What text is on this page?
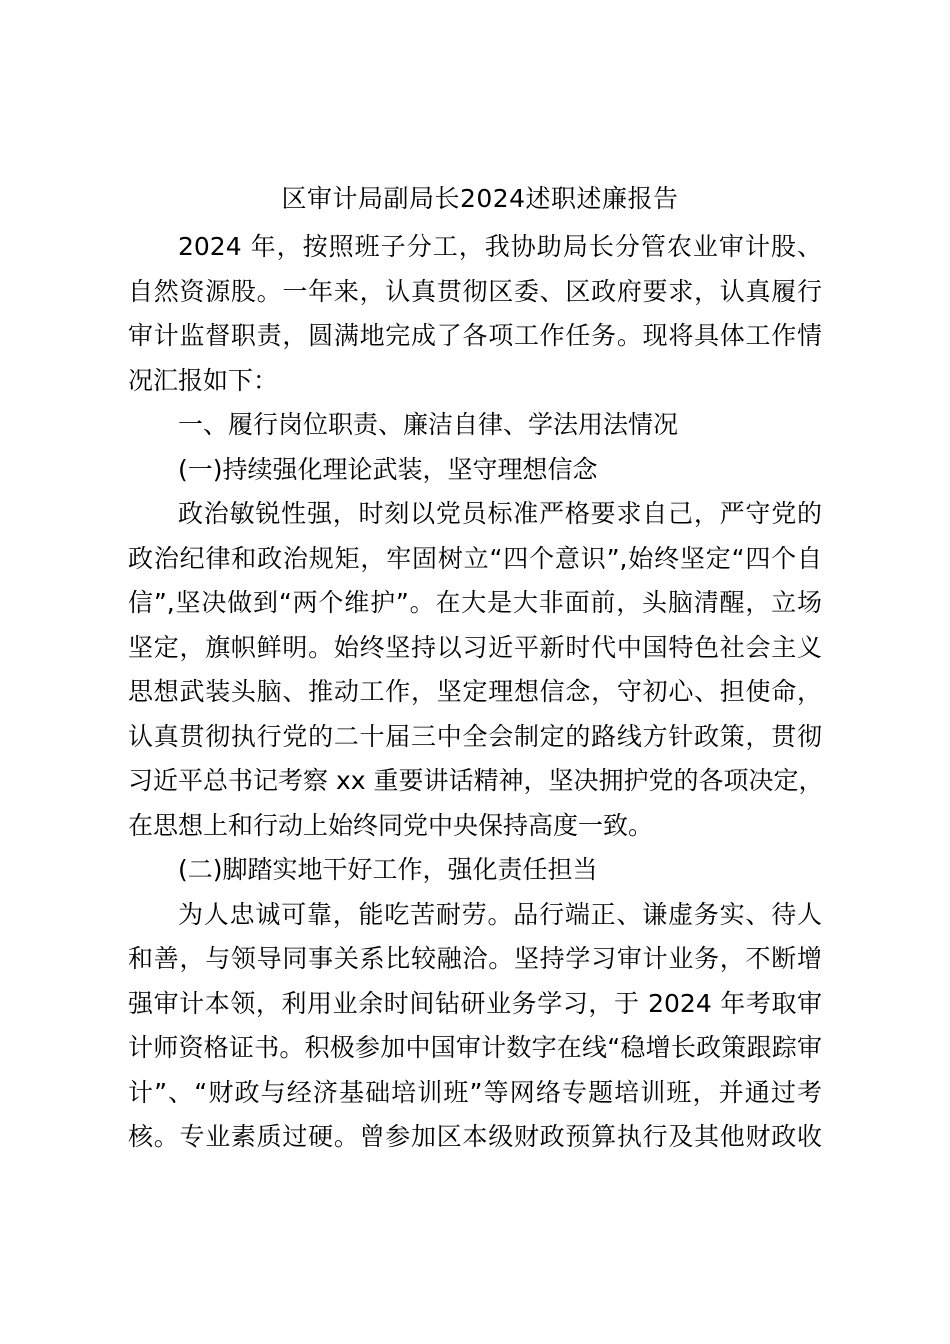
区审计局副局长2024述职述廉报告
2024 年，按照班子分工，我协助局长分管农业审计股、
自然资源股。一年来，认真贯彻区委、区政府要求，认真履行
审计监督职责，圆满地完成了各项工作任务。现将具体工作情
况汇报如下：
一、履行岗位职责、廉洁自律、学法用法情况
(一)持续强化理论武装，坚守理想信念
政治敏锐性强，时刻以党员标准严格要求自己，严守党的
政治纪律和政治规矩，牢固树立“四个意识”,始终坚定“四个自
信”,坚决做到“两个维护”。在大是大非面前，头脑清醒，立场
坚定，旗帜鲜明。始终坚持以习近平新时代中国特色社会主义
思想武装头脑、推动工作，坚定理想信念，守初心、担使命，
认真贯彻执行党的二十届三中全会制定的路线方针政策，贯彻
习近平总书记考察 xx 重要讲话精神，坚决拥护党的各项决定，
在思想上和行动上始终同党中央保持高度一致。
(二)脚踏实地干好工作，强化责任担当
为人忠诚可靠，能吃苦耐劳。品行端正、谦虚务实、待人
和善，与领导同事关系比较融洽。坚持学习审计业务，不断增
强审计本领，利用业余时间钻研业务学习，于 2024 年考取审
计师资格证书。积极参加中国审计数字在线“稳增长政策跟踪审
计”、“财政与经济基础培训班”等网络专题培训班，并通过考
核。专业素质过硬。曾参加区本级财政预算执行及其他财政收
